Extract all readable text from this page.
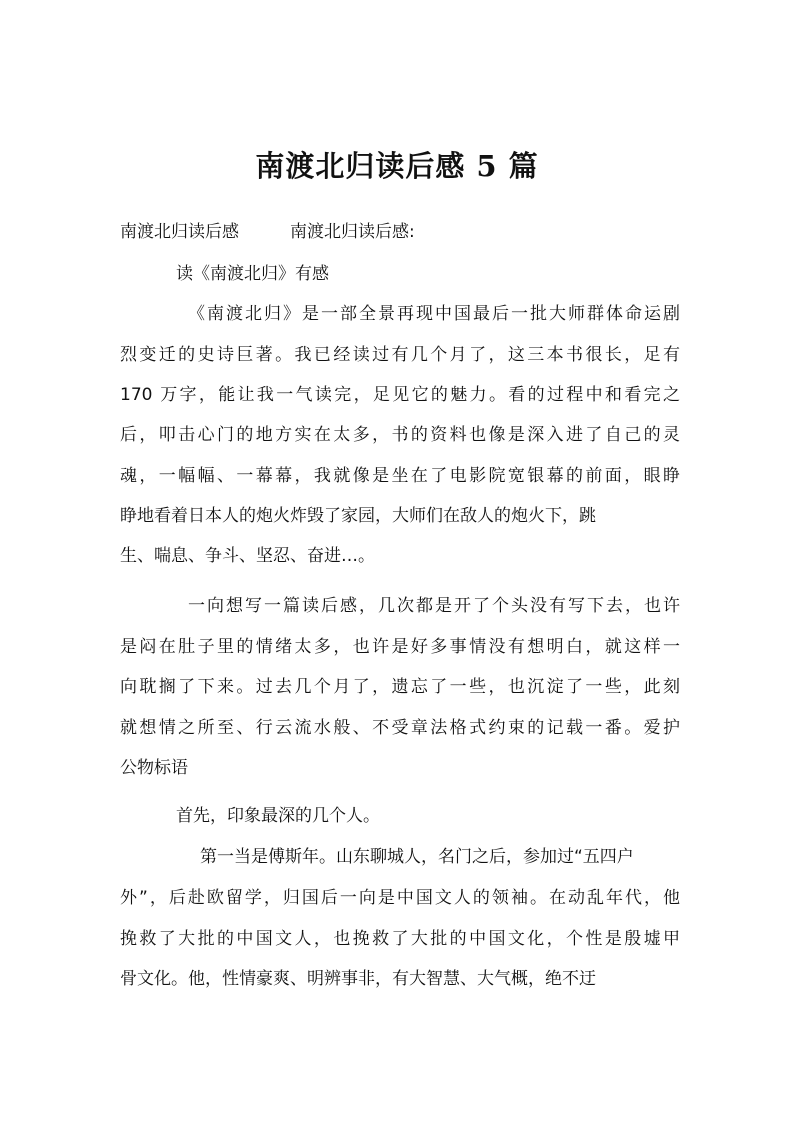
南渡北归读后感 5 篇
南渡北归读后感	南渡北归读后感:
读《南渡北归》有感
《南渡北归》是一部全景再现中国最后一批大师群体命运剧
烈变迁的史诗巨著。我已经读过有几个月了，这三本书很长，足有
170 万字，能让我一气读完，足见它的魅力。看的过程中和看完之
后，叩击心门的地方实在太多，书的资料也像是深入进了自己的灵
魂，一幅幅、一幕幕，我就像是坐在了电影院宽银幕的前面，眼睁
睁地看着日本人的炮火炸毁了家园，大师们在敌人的炮火下，跳
生、喘息、争斗、坚忍、奋进…。
一向想写一篇读后感，几次都是开了个头没有写下去，也许
是闷在肚子里的情绪太多，也许是好多事情没有想明白，就这样一
向耽搁了下来。过去几个月了，遗忘了一些，也沉淀了一些，此刻
就想情之所至、行云流水般、不受章法格式约束的记载一番。爱护
公物标语
首先，印象最深的几个人。
第一当是傅斯年。山东聊城人，名门之后，参加过“五四户
外”，后赴欧留学，归国后一向是中国文人的领袖。在动乱年代，他
挽救了大批的中国文人，也挽救了大批的中国文化，个性是殷墟甲
骨文化。他，性情豪爽、明辨事非，有大智慧、大气概，绝不迂
